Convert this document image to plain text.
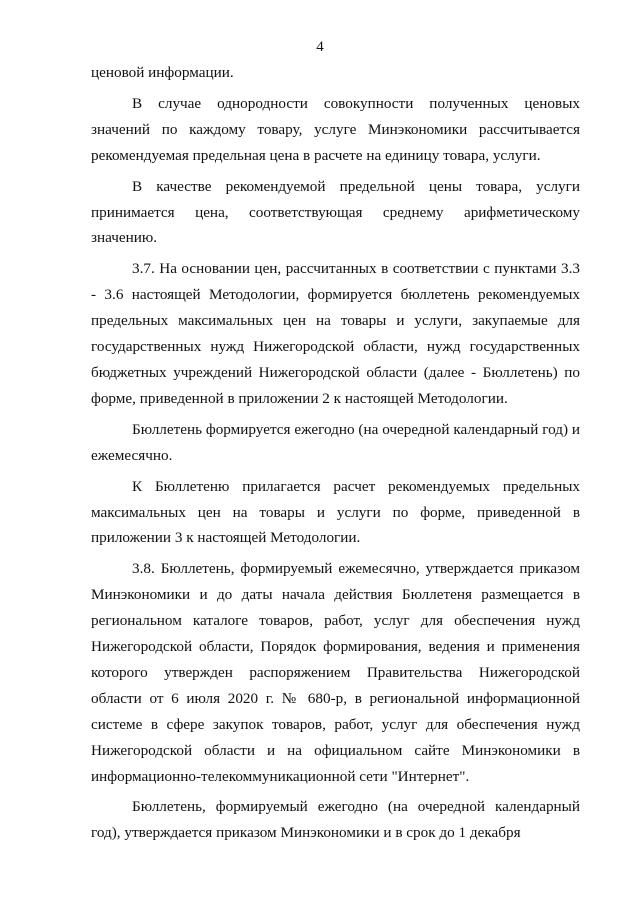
4

ценовой информации.

В случае однородности совокупности полученных ценовых значений по каждому товару, услуге Минэкономики рассчитывается рекомендуемая предельная цена в расчете на единицу товара, услуги.

В качестве рекомендуемой предельной цены товара, услуги принимается цена, соответствующая среднему арифметическому значению.

3.7. На основании цен, рассчитанных в соответствии с пунктами 3.3 - 3.6 настоящей Методологии, формируется бюллетень рекомендуемых предельных максимальных цен на товары и услуги, закупаемые для государственных нужд Нижегородской области, нужд государственных бюджетных учреждений Нижегородской области (далее - Бюллетень) по форме, приведенной в приложении 2 к настоящей Методологии.

Бюллетень формируется ежегодно (на очередной календарный год) и ежемесячно.

К Бюллетеню прилагается расчет рекомендуемых предельных максимальных цен на товары и услуги по форме, приведенной в приложении 3 к настоящей Методологии.

3.8. Бюллетень, формируемый ежемесячно, утверждается приказом Минэкономики и до даты начала действия Бюллетеня размещается в региональном каталоге товаров, работ, услуг для обеспечения нужд Нижегородской области, Порядок формирования, ведения и применения которого утвержден распоряжением Правительства Нижегородской области от 6 июля 2020 г. № 680-р, в региональной информационной системе в сфере закупок товаров, работ, услуг для обеспечения нужд Нижегородской области и на официальном сайте Минэкономики в информационно-телекоммуникационной сети "Интернет".

Бюллетень, формируемый ежегодно (на очередной календарный год), утверждается приказом Минэкономики и в срок до 1 декабря
